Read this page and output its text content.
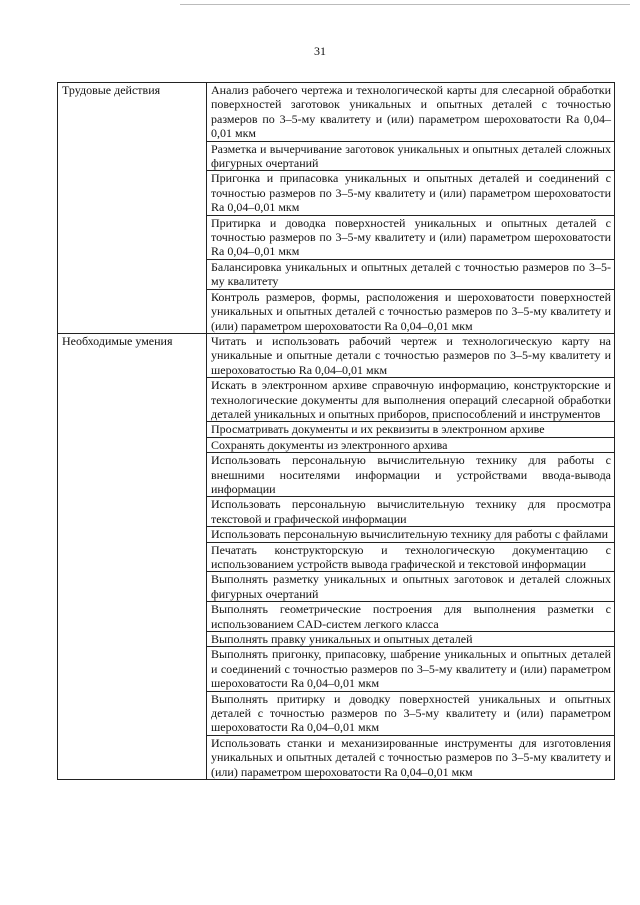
31
Трудовые действия	Анализ рабочего чертежа и технологической карты для слесарной обработки поверхностей заготовок уникальных и опытных деталей с точностью размеров по 3–5-му квалитету и (или) параметром шероховатости Ra 0,04–0,01 мкм
	Разметка и вычерчивание заготовок уникальных и опытных деталей сложных фигурных очертаний
	Пригонка и припасовка уникальных и опытных деталей и соединений с точностью размеров по 3–5-му квалитету и (или) параметром шероховатости Ra 0,04–0,01 мкм
	Притирка и доводка поверхностей уникальных и опытных деталей с точностью размеров по 3–5-му квалитету и (или) параметром шероховатости Ra 0,04–0,01 мкм
	Балансировка уникальных и опытных деталей с точностью размеров по 3–5-му квалитету
	Контроль размеров, формы, расположения и шероховатости поверхностей уникальных и опытных деталей с точностью размеров по 3–5-му квалитету и (или) параметром шероховатости Ra 0,04–0,01 мкм
Необходимые умения	Читать и использовать рабочий чертеж и технологическую карту на уникальные и опытные детали с точностью размеров по 3–5-му квалитету и шероховатостью Ra 0,04–0,01 мкм
	Искать в электронном архиве справочную информацию, конструкторские и технологические документы для выполнения операций слесарной обработки деталей уникальных и опытных приборов, приспособлений и инструментов
	Просматривать документы и их реквизиты в электронном архиве
	Сохранять документы из электронного архива
	Использовать персональную вычислительную технику для работы с внешними носителями информации и устройствами ввода-вывода информации
	Использовать персональную вычислительную технику для просмотра текстовой и графической информации
	Использовать персональную вычислительную технику для работы с файлами
	Печатать конструкторскую и технологическую документацию с использованием устройств вывода графической и текстовой информации
	Выполнять разметку уникальных и опытных заготовок и деталей сложных фигурных очертаний
	Выполнять геометрические построения для выполнения разметки с использованием CAD-систем легкого класса
	Выполнять правку уникальных и опытных деталей
	Выполнять пригонку, припасовку, шабрение уникальных и опытных деталей и соединений с точностью размеров по 3–5-му квалитету и (или) параметром шероховатости Ra 0,04–0,01 мкм
	Выполнять притирку и доводку поверхностей уникальных и опытных деталей с точностью размеров по 3–5-му квалитету и (или) параметром шероховатости Ra 0,04–0,01 мкм
	Использовать станки и механизированные инструменты для изготовления уникальных и опытных деталей с точностью размеров по 3–5-му квалитету и (или) параметром шероховатости Ra 0,04–0,01 мкм
